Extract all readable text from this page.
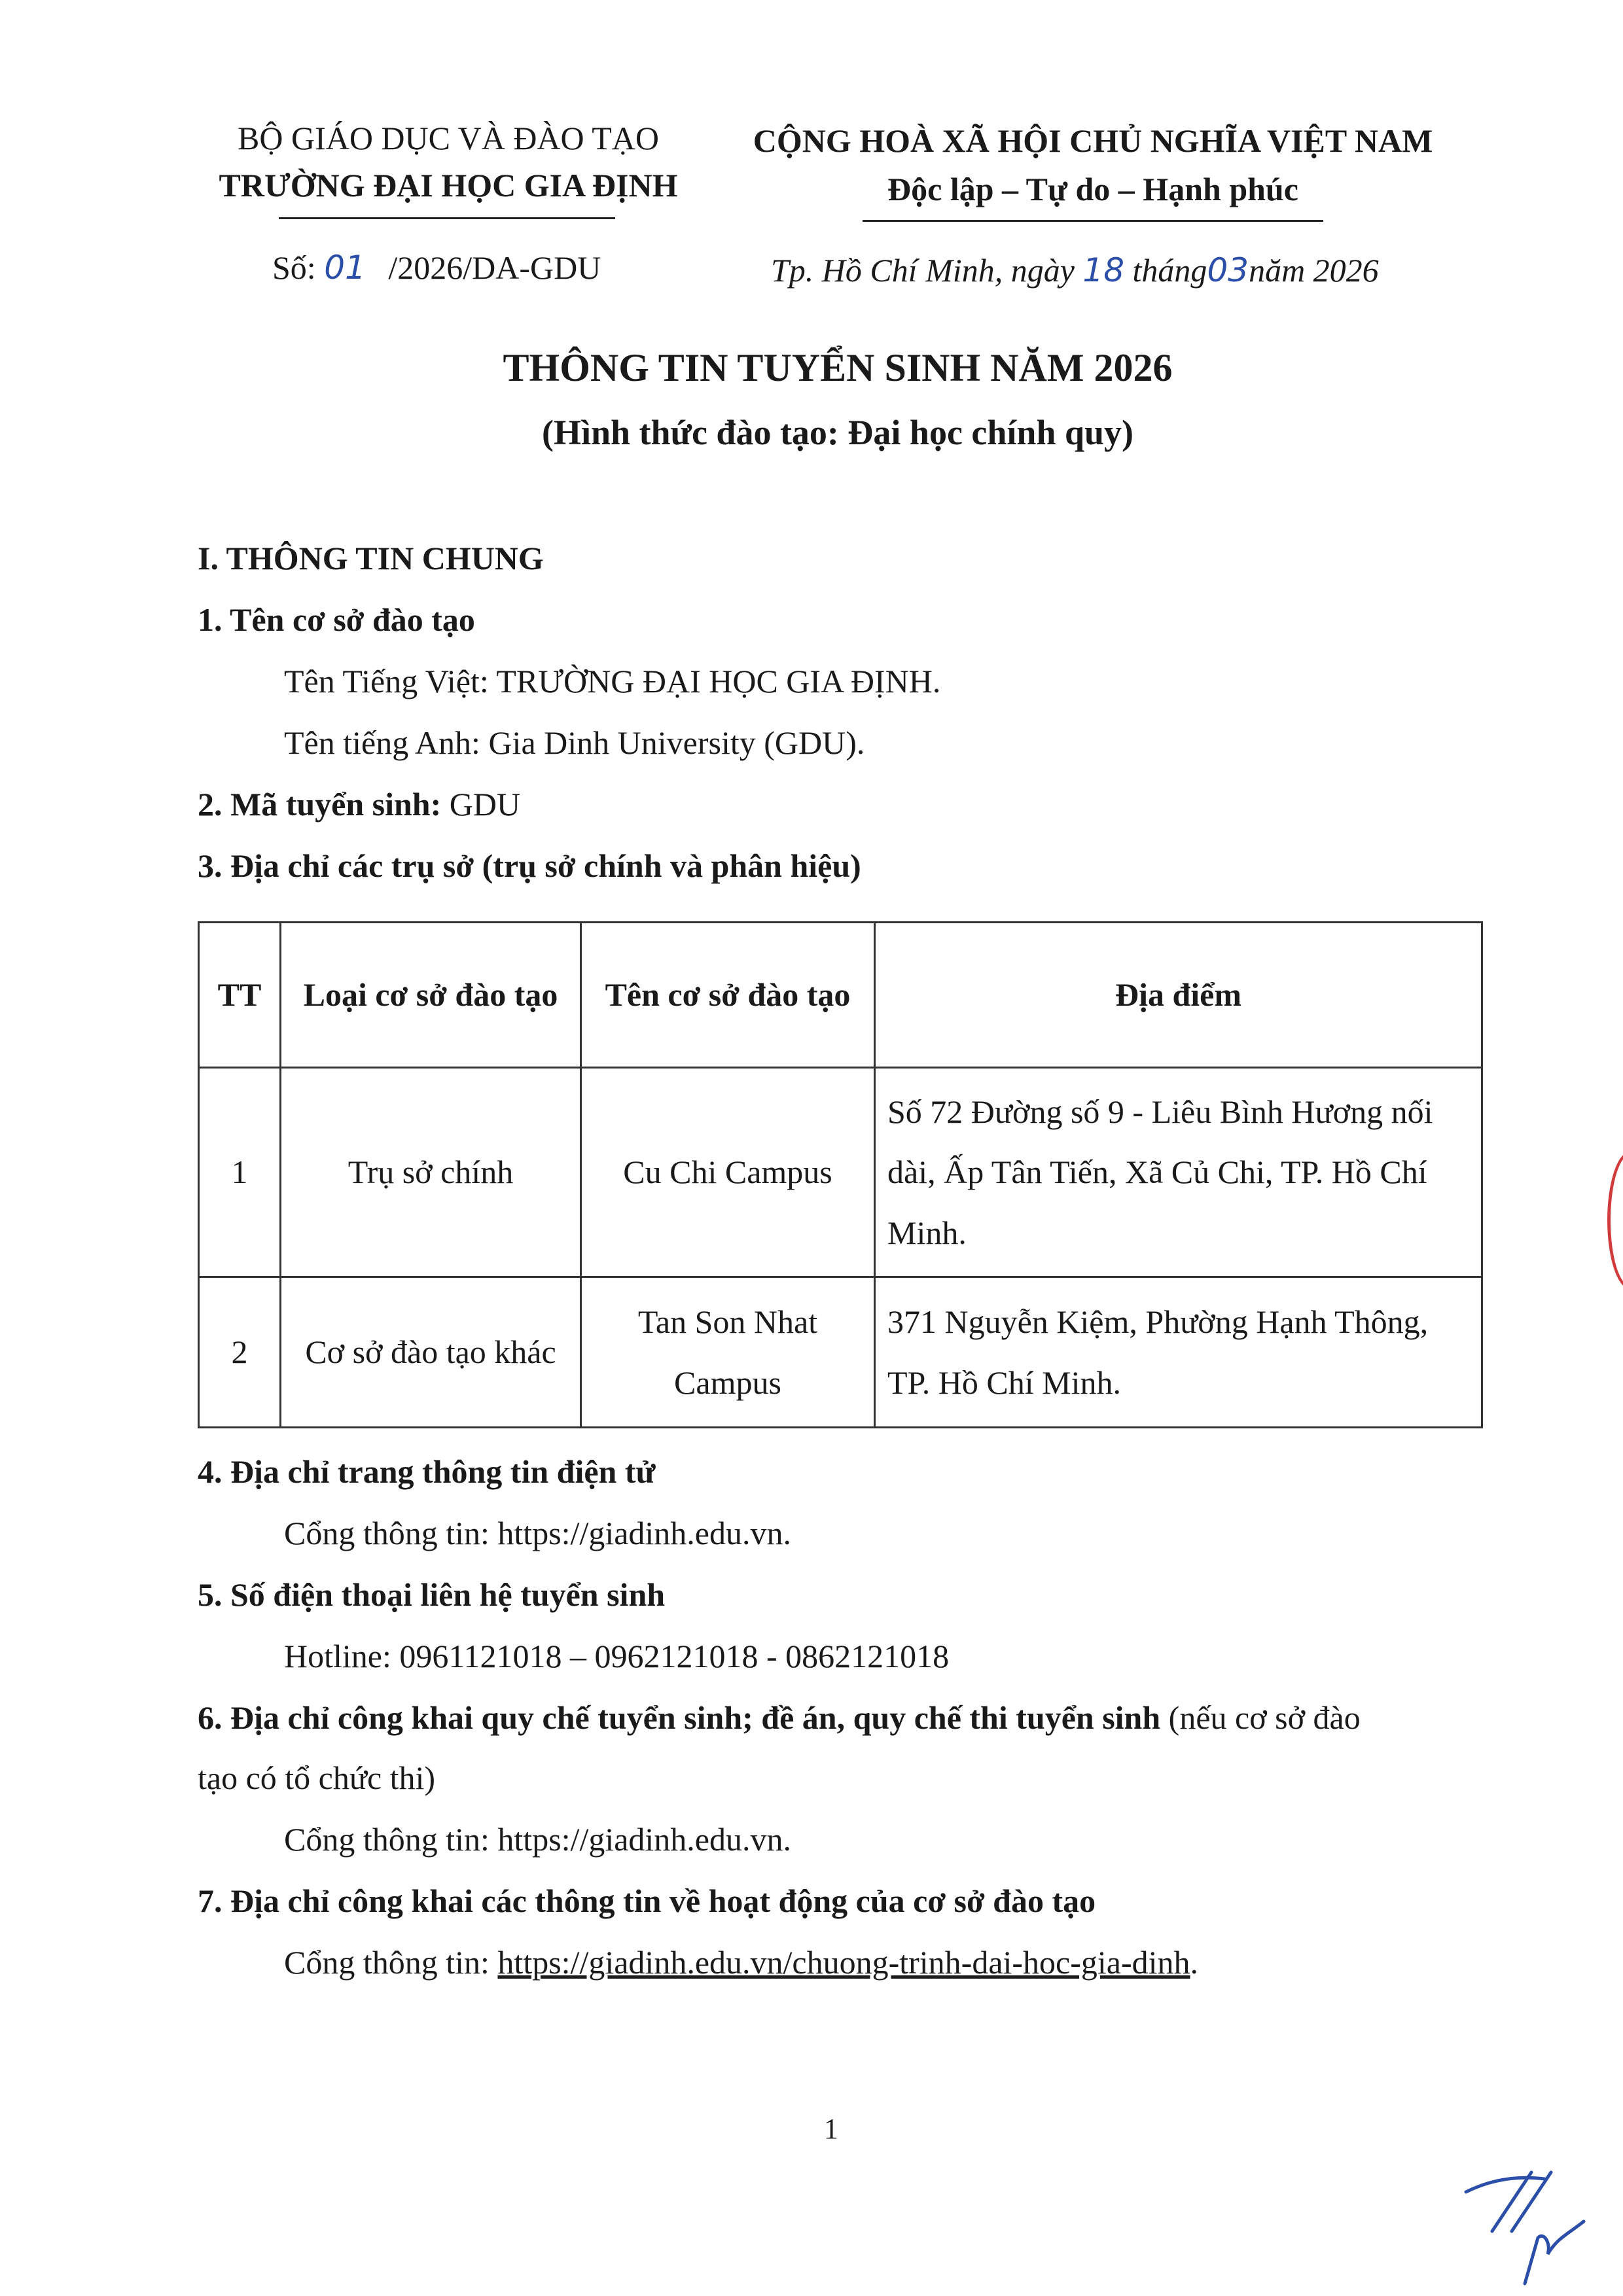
BỘ GIÁO DỤC VÀ ĐÀO TẠO
TRƯỜNG ĐẠI HỌC GIA ĐỊNH
CỘNG HOÀ XÃ HỘI CHỦ NGHĨA VIỆT NAM
Độc lập – Tự do – Hạnh phúc
Số: 01 /2026/DA-GDU	Tp. Hồ Chí Minh, ngày 18 tháng03năm 2026
THÔNG TIN TUYỂN SINH NĂM 2026
(Hình thức đào tạo: Đại học chính quy)
I. THÔNG TIN CHUNG
1. Tên cơ sở đào tạo
Tên Tiếng Việt: TRƯỜNG ĐẠI HỌC GIA ĐỊNH.
Tên tiếng Anh: Gia Dinh University (GDU).
2. Mã tuyển sinh: GDU
3. Địa chỉ các trụ sở (trụ sở chính và phân hiệu)
TT	Loại cơ sở đào tạo	Tên cơ sở đào tạo	Địa điểm
1	Trụ sở chính	Cu Chi Campus	Số 72 Đường số 9 - Liêu Bình Hương nối dài, Ấp Tân Tiến, Xã Củ Chi, TP. Hồ Chí Minh.
2	Cơ sở đào tạo khác	Tan Son Nhat Campus	371 Nguyễn Kiệm, Phường Hạnh Thông, TP. Hồ Chí Minh.
4. Địa chỉ trang thông tin điện tử
Cổng thông tin: https://giadinh.edu.vn.
5. Số điện thoại liên hệ tuyển sinh
Hotline: 0961121018 – 0962121018 - 0862121018
6. Địa chỉ công khai quy chế tuyển sinh; đề án, quy chế thi tuyển sinh (nếu cơ sở đào
tạo có tổ chức thi)
Cổng thông tin: https://giadinh.edu.vn.
7. Địa chỉ công khai các thông tin về hoạt động của cơ sở đào tạo
Cổng thông tin: https://giadinh.edu.vn/chuong-trinh-dai-hoc-gia-dinh.
1
